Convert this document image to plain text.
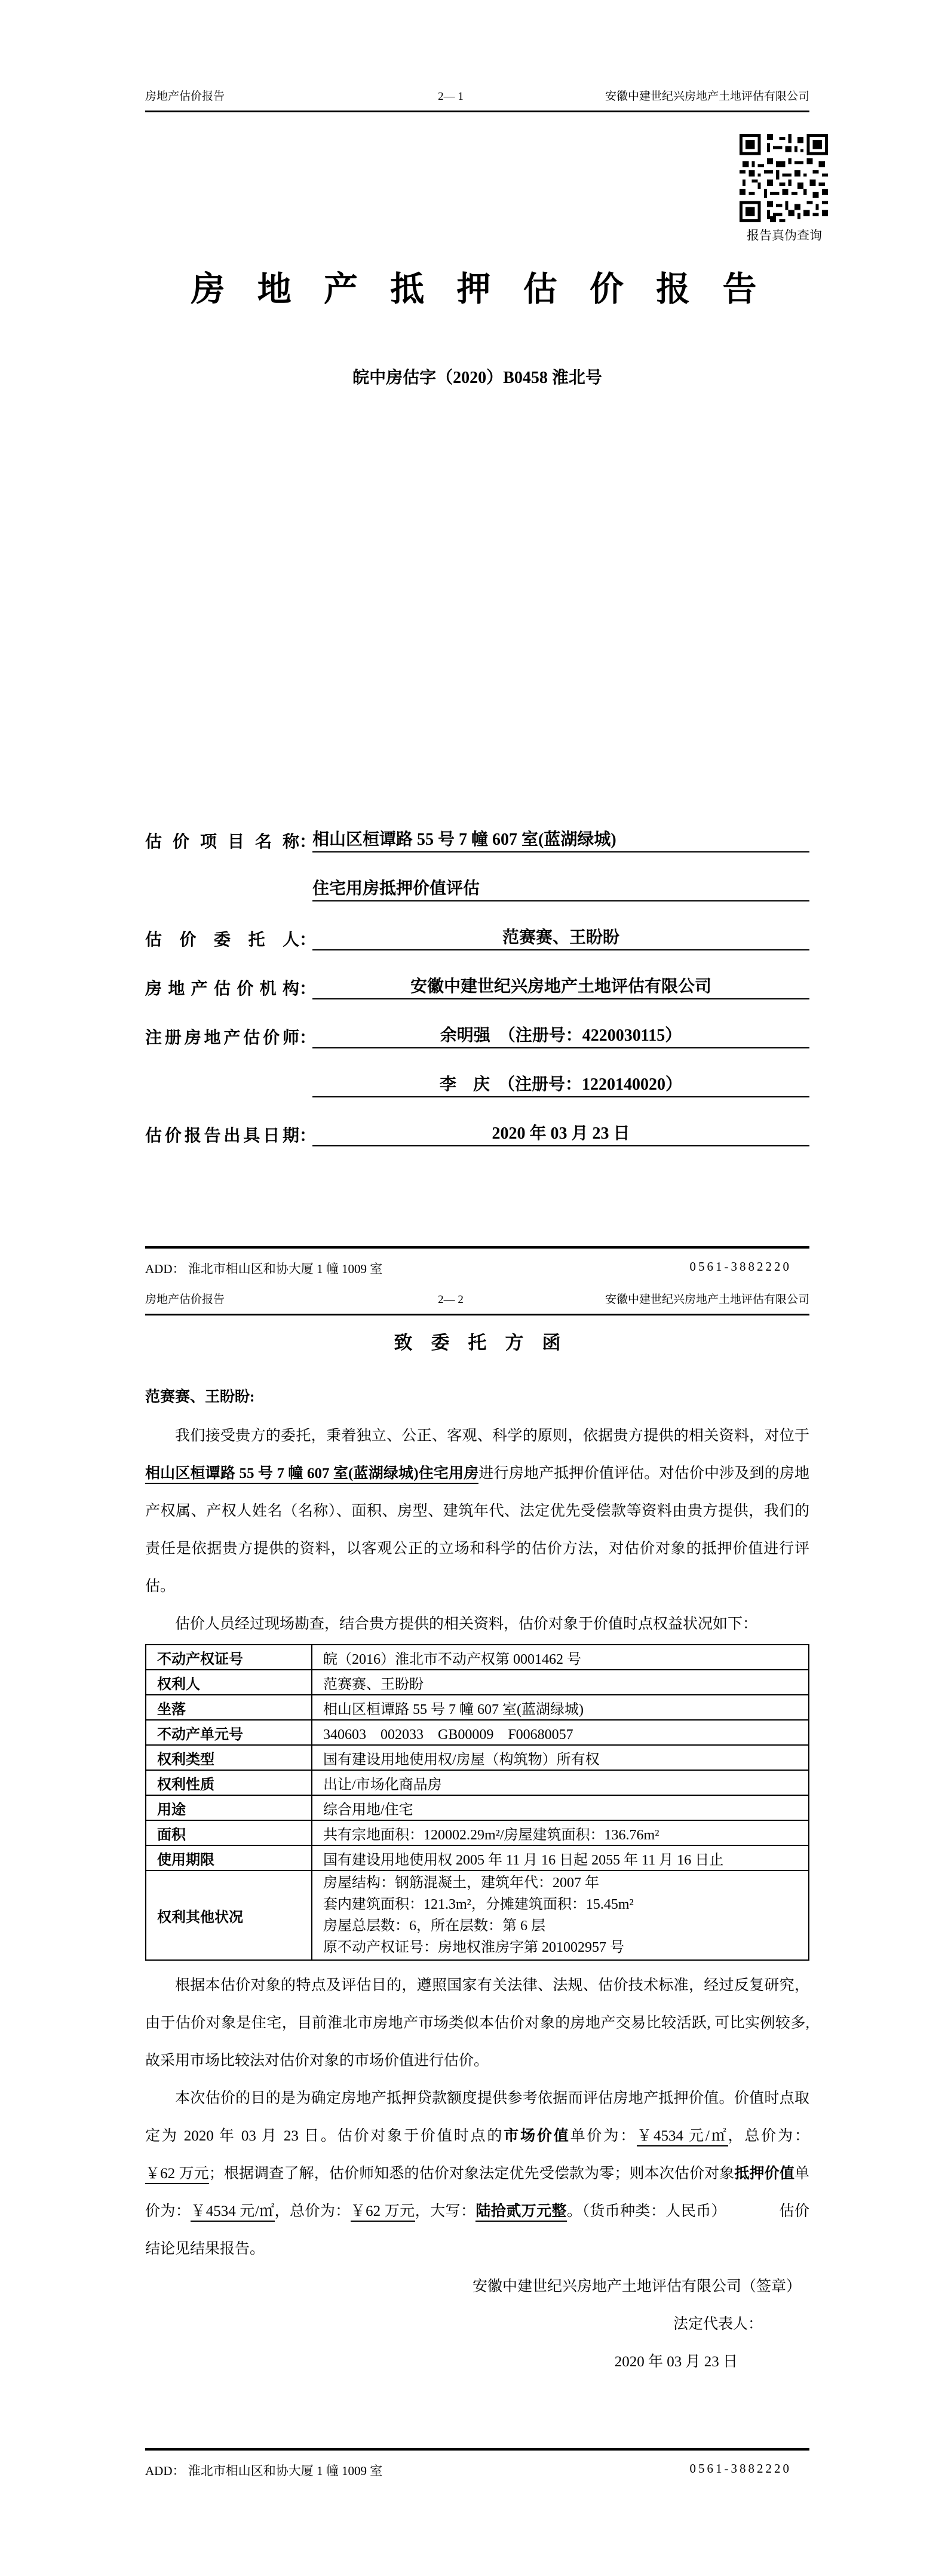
房地产估价报告	2— 1	安徽中建世纪兴房地产土地评估有限公司
报告真伪查询
房 地 产 抵 押 估 价 报 告
皖中房估字（2020）B0458 淮北号
估价项目名称 ：
相山区桓谭路 55 号 7 幢 607 室(蓝湖绿城)
住宅用房抵押价值评估
估价委托人 ：	范赛赛、王盼盼
房地产估价机构 ：	安徽中建世纪兴房地产土地评估有限公司
注册房地产估价师 ：	余明强　（注册号：4220030115）
李　庆　（注册号：1220140020）
估价报告出具日期 ：	2020 年 03 月 23 日
ADD： 淮北市相山区和协大厦 1 幢 1009 室	0561-3882220
房地产估价报告	2— 2	安徽中建世纪兴房地产土地评估有限公司
致　委　托　方　函
范赛赛、王盼盼:

我们接受贵方的委托，秉着独立、公正、客观、科学的原则，依据贵方提供的相关资料，对位于相山区桓谭路 55 号 7 幢 607 室(蓝湖绿城)住宅用房进行房地产抵押价值评估。对估价中涉及到的房地产权属、产权人姓名（名称）、面积、房型、建筑年代、法定优先受偿款等资料由贵方提供，我们的责任是依据贵方提供的资料，以客观公正的立场和科学的估价方法，对估价对象的抵押价值进行评估。

估价人员经过现场勘查，结合贵方提供的相关资料，估价对象于价值时点权益状况如下：

不动产权证号	皖（2016）淮北市不动产权第 0001462 号
权利人	范赛赛、王盼盼
坐落	相山区桓谭路 55 号 7 幢 607 室(蓝湖绿城)
不动产单元号	340603　002033　GB00009　F00680057
权利类型	国有建设用地使用权/房屋（构筑物）所有权
权利性质	出让/市场化商品房
用途	综合用地/住宅
面积	共有宗地面积：120002.29m²/房屋建筑面积：136.76m²
使用期限	国有建设用地使用权 2005 年 11 月 16 日起 2055 年 11 月 16 日止
权利其他状况	房屋结构：钢筋混凝土，建筑年代：2007 年
套内建筑面积：121.3m²，分摊建筑面积：15.45m²
房屋总层数：6，所在层数：第 6 层
原不动产权证号：房地权淮房字第 201002957 号

根据本估价对象的特点及评估目的，遵照国家有关法律、法规、估价技术标准，经过反复研究，由于估价对象是住宅，目前淮北市房地产市场类似本估价对象的房地产交易比较活跃, 可比实例较多, 故采用市场比较法对估价对象的市场价值进行估价。

本次估价的目的是为确定房地产抵押贷款额度提供参考依据而评估房地产抵押价值。价值时点取定为 2020 年 03 月 23 日。估价对象于价值时点的市场价值单价为：￥4534 元/㎡，总价为：￥62 万元；根据调查了解，估价师知悉的估价对象法定优先受偿款为零；则本次估价对象抵押价值单价为：￥4534 元/㎡，总价为：￥62 万元，大写：陆拾贰万元整。（货币种类：人民币）	估价结论见结果报告。

安徽中建世纪兴房地产土地评估有限公司（签章）
法定代表人：
2020 年 03 月 23 日
ADD： 淮北市相山区和协大厦 1 幢 1009 室	0561-3882220
